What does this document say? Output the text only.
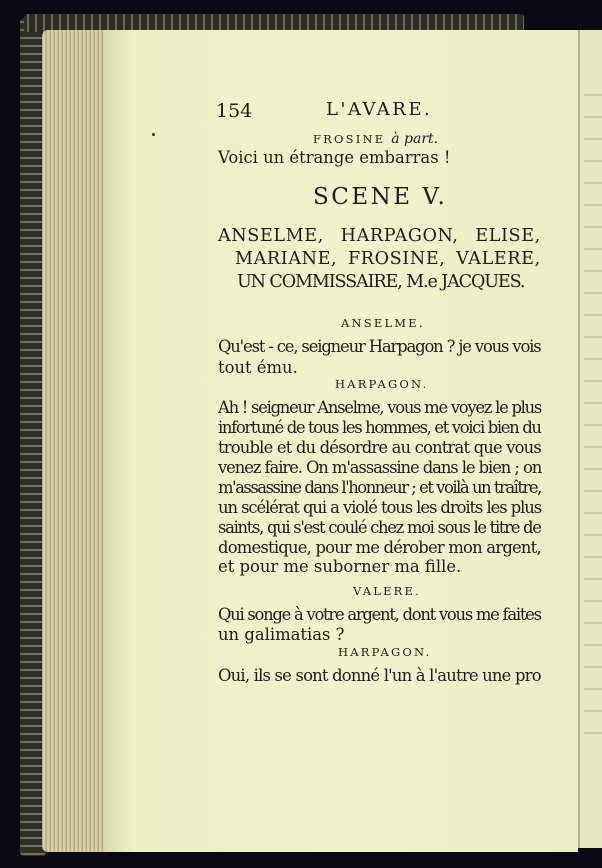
154	L'AVARE.
FROSINE à part.
Voici un étrange embarras !
SCENE V.
ANSELME, HARPAGON, ELISE,
MARIANE, FROSINE, VALERE,
UN COMMISSAIRE, M.e JACQUES.
ANSELME.
Qu'est - ce, seigneur Harpagon ? je vous vois
tout ému.
HARPAGON.
Ah ! seigneur Anselme, vous me voyez le plus
infortuné de tous les hommes, et voici bien du
trouble et du désordre au contrat que vous
venez faire. On m'assassine dans le bien ; on
m'assassine dans l'honneur ; et voilà un traître,
un scélérat qui a violé tous les droits les plus
saints, qui s'est coulé chez moi sous le titre de
domestique, pour me dérober mon argent,
et pour me suborner ma fille.
VALERE.
Qui songe à votre argent, dont vous me faites
un galimatias ?
HARPAGON.
Oui, ils se sont donné l'un à l'autre une pro
